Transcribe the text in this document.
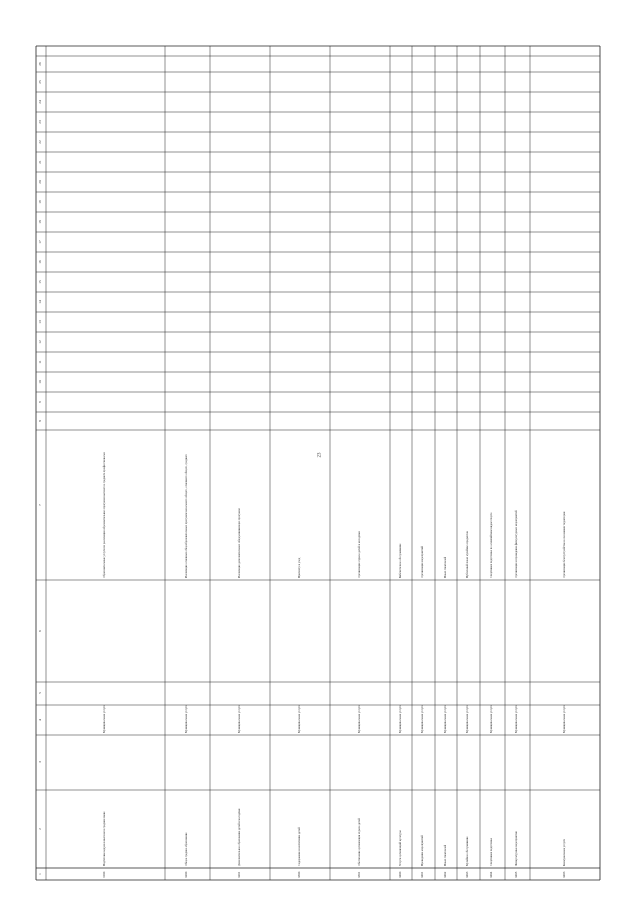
1
2
3
4
5
6
7
8
9
10
11
12
13
14
15
16
17
18
19
20
21
22
23
24
25
26
3100
Подготовка кадров в высшем и среднем звене
Муниципальная услуга
Образовательные услуги по реализации образовательных программ высшего и среднего профессиональн
3200
Общее среднее образование
Муниципальная услуга
Реализация основных общеобразовательных программ начального общего, основного общего, среднего
3201
Дополнительное образование детей и молодёжи
Муниципальная услуга
Реализация дополнительных общеразвивающих программ
3300
Содержание и воспитание детей
Муниципальная услуга
Присмотр и уход
3301
Обеспечение организации отдыха детей
Муниципальная услуга
Организация отдыха детей и молодёжи
3400
Услуги организаций культуры
Муниципальная услуга
Библиотечное обслуживание
3401
Проведение мероприятий
Муниципальная услуга
Организация мероприятий
3402
Показ спектаклей
Муниципальная услуга
Показ спектаклей
3403
Музейное обслуживание
Муниципальная услуга
Публичный показ музейных предметов
3404
Спортивная подготовка
Муниципальная услуга
Спортивная подготовка по олимпийским видам спорта
3405
Физкультурные мероприятия
Муниципальная услуга
Организация и проведение физкультурных мероприятий
3406
Коммунальные услуги
Муниципальная услуга
Организация благоустройства и озеленения территории
23
